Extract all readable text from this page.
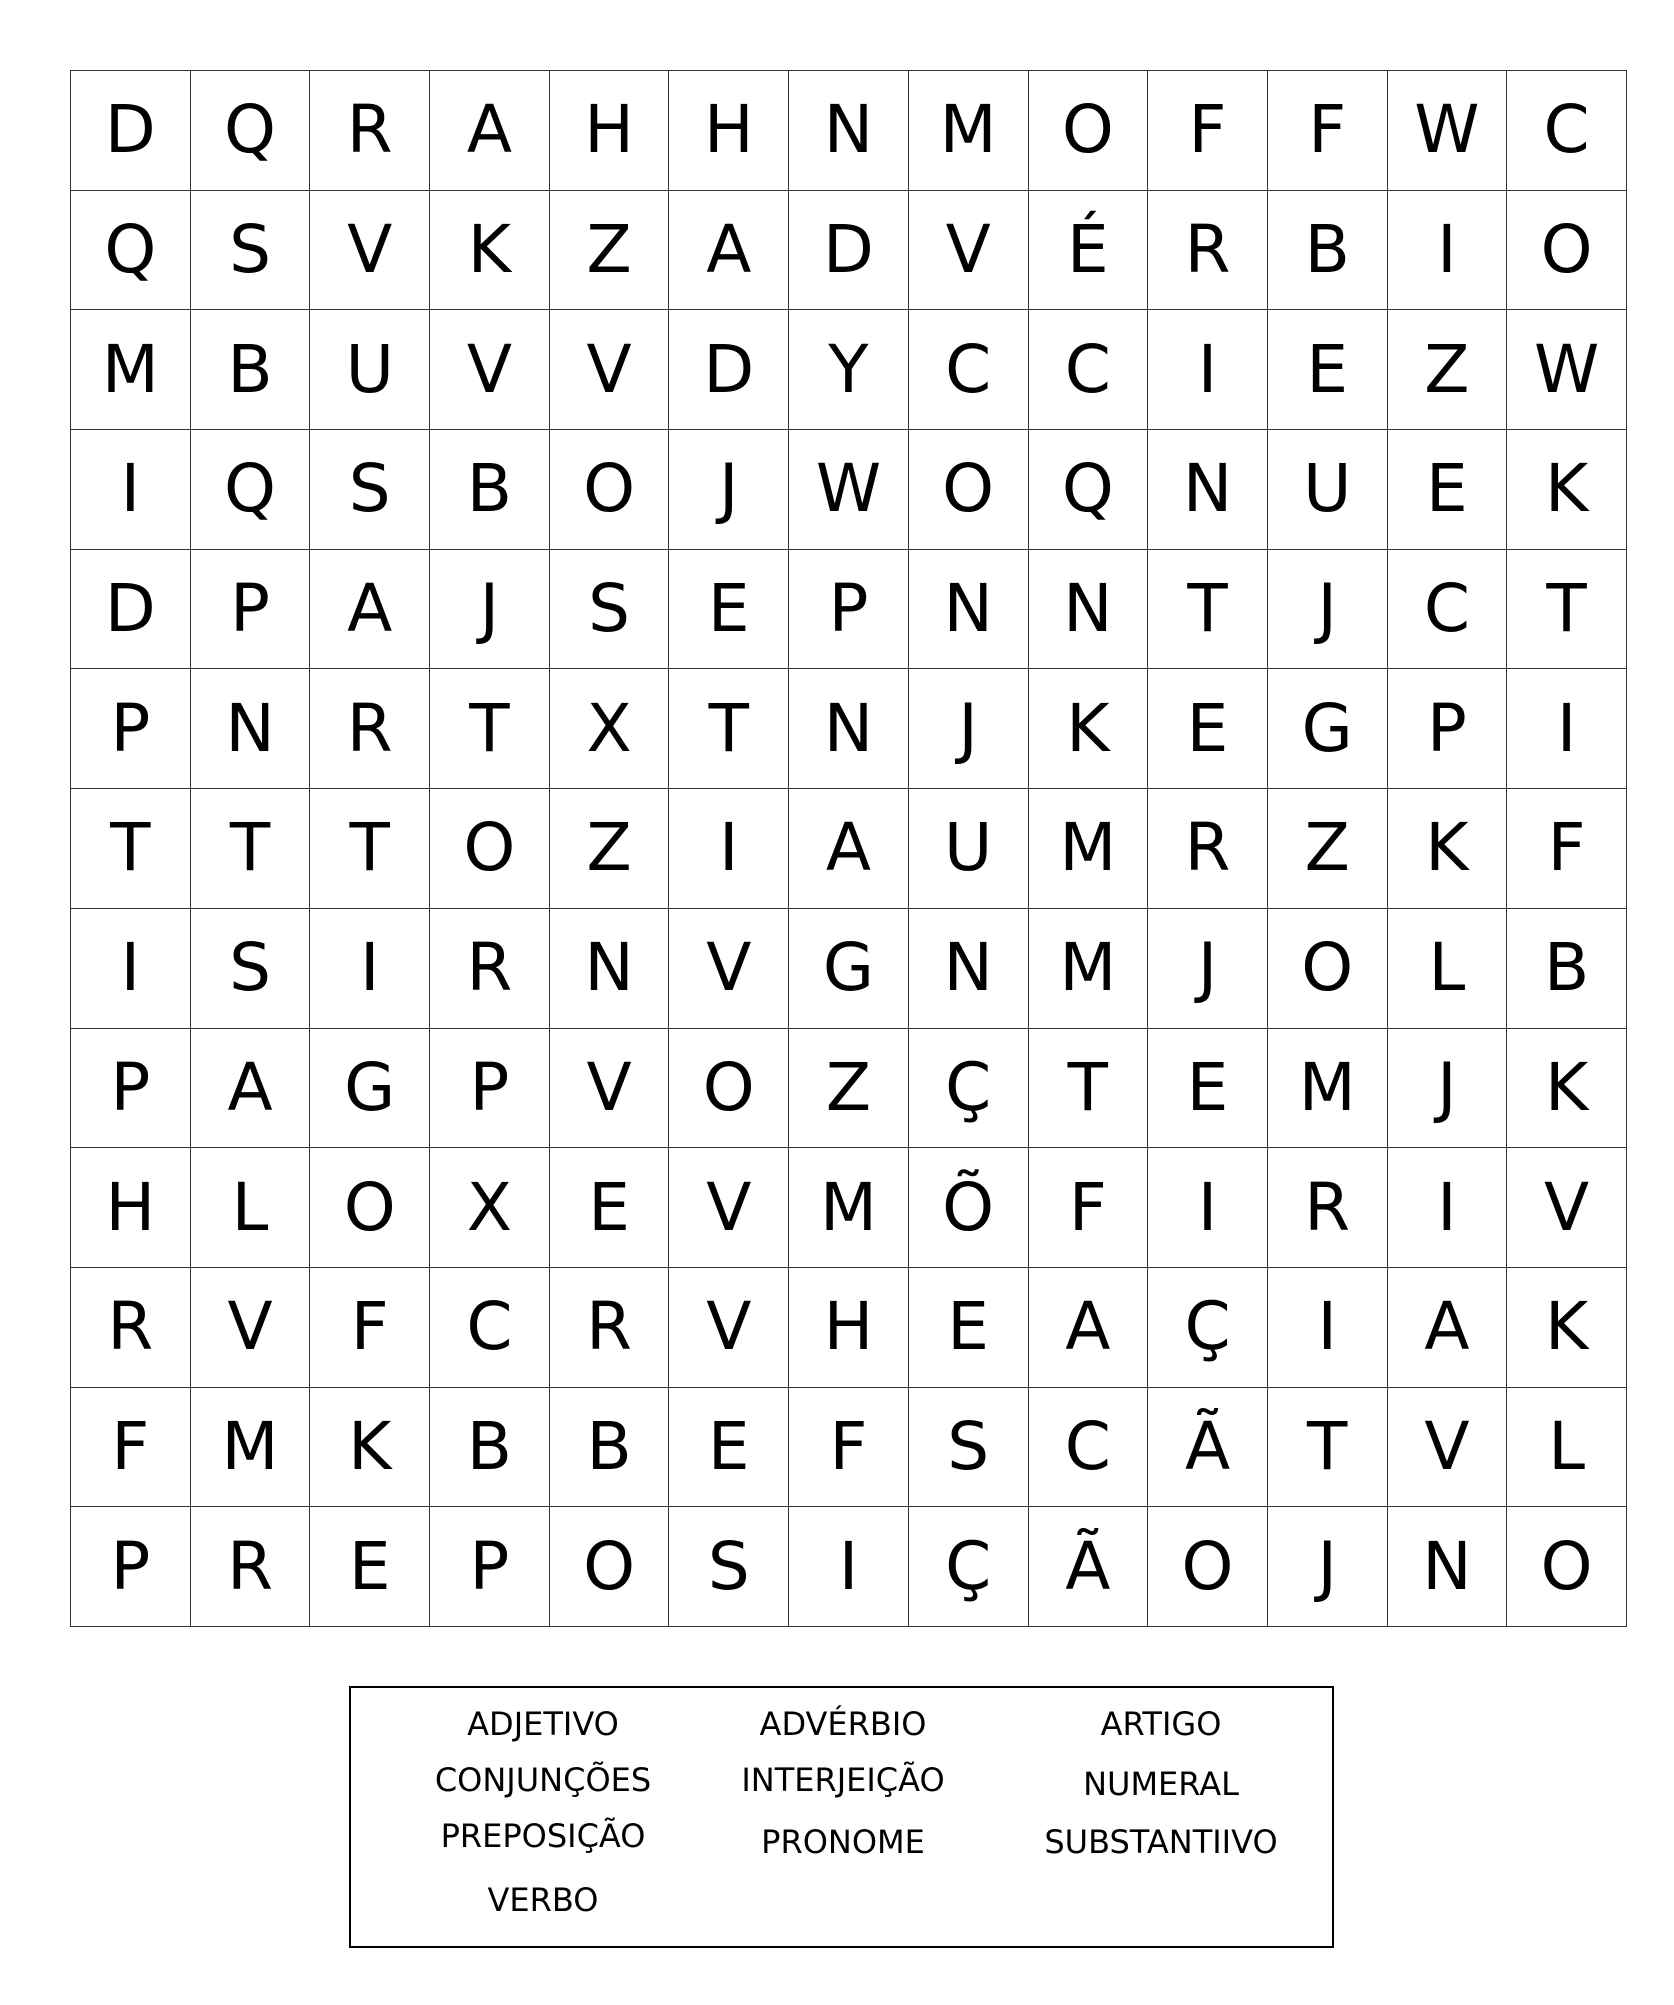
D	Q	R	A	H	H	N	M	O	F	F	W	C
Q	S	V	K	Z	A	D	V	É	R	B	I	O
M	B	U	V	V	D	Y	C	C	I	E	Z	W
I	Q	S	B	O	J	W	O	Q	N	U	E	K
D	P	A	J	S	E	P	N	N	T	J	C	T
P	N	R	T	X	T	N	J	K	E	G	P	I
T	T	T	O	Z	I	A	U	M	R	Z	K	F
I	S	I	R	N	V	G	N	M	J	O	L	B
P	A	G	P	V	O	Z	Ç	T	E	M	J	K
H	L	O	X	E	V	M	Õ	F	I	R	I	V
R	V	F	C	R	V	H	E	A	Ç	I	A	K
F	M	K	B	B	E	F	S	C	Ã	T	V	L
P	R	E	P	O	S	I	Ç	Ã	O	J	N	O
ADJETIVO
CONJUNÇÕES
PREPOSIÇÃO
VERBO
ADVÉRBIO
INTERJEIÇÃO
PRONOME
ARTIGO
NUMERAL
SUBSTANTIIVO
